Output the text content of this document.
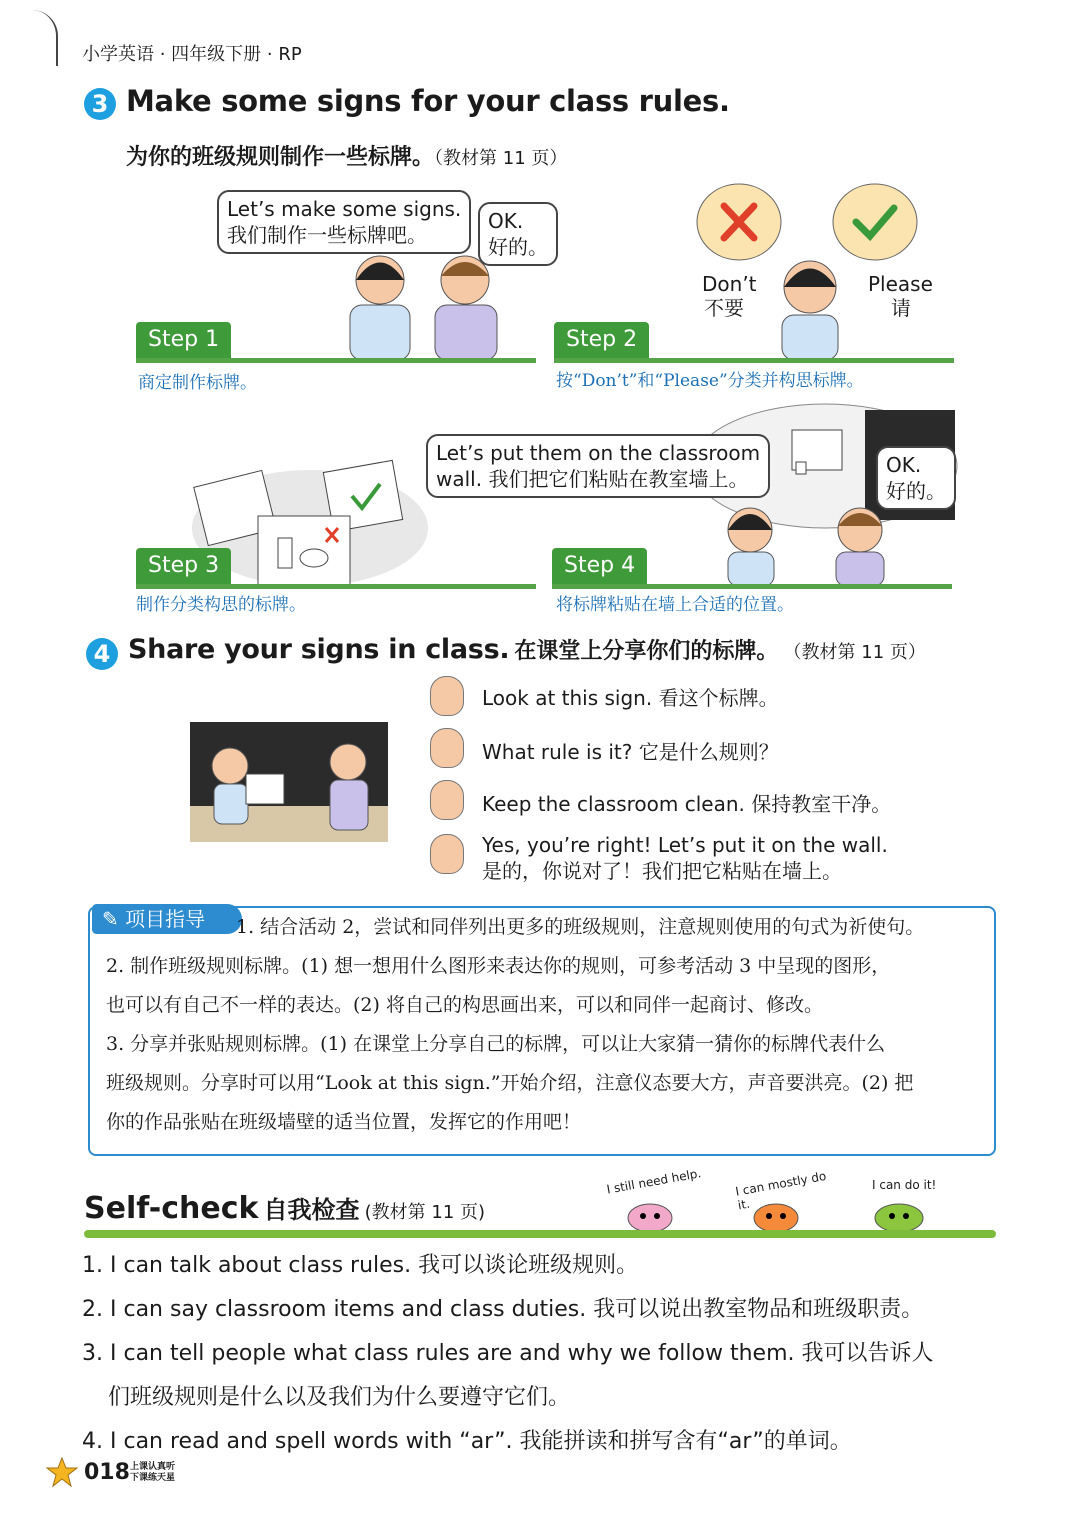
小学英语 · 四年级下册 · RP
3 Make some signs for your class rules.
为你的班级规则制作一些标牌。（教材第 11 页）
Let’s make some signs.
我们制作一些标牌吧。
OK.
好的。
Step 1
商定制作标牌。
Don’t
不要
Please
请
Step 2
按“Don’t”和“Please”分类并构思标牌。
Step 3
制作分类构思的标牌。
Let’s put them on the classroom
wall. 我们把它们粘贴在教室墙上。
OK.
好的。
Step 4
将标牌粘贴在墙上合适的位置。
4 Share your signs in class. 在课堂上分享你们的标牌。 （教材第 11 页）
Look at this sign. 看这个标牌。
What rule is it? 它是什么规则？
Keep the classroom clean. 保持教室干净。
Yes, you’re right! Let’s put it on the wall.
是的，你说对了！我们把它粘贴在墙上。
✎ 项目指导	1. 结合活动 2，尝试和同伴列出更多的班级规则，注意规则使用的句式为祈使句。
2. 制作班级规则标牌。(1) 想一想用什么图形来表达你的规则，可参考活动 3 中呈现的图形，
也可以有自己不一样的表达。(2) 将自己的构思画出来，可以和同伴一起商讨、修改。
3. 分享并张贴规则标牌。(1) 在课堂上分享自己的标牌，可以让大家猜一猜你的标牌代表什么
班级规则。分享时可以用“Look at this sign.”开始介绍，注意仪态要大方，声音要洪亮。(2) 把
你的作品张贴在班级墙壁的适当位置，发挥它的作用吧！
Self-check 自我检查 (教材第 11 页)
I still need help.	I can mostly do it.
I can do it!
1. I can talk about class rules. 我可以谈论班级规则。
2. I can say classroom items and class duties. 我可以说出教室物品和班级职责。
3. I can tell people what class rules are and why we follow them. 我可以告诉人
们班级规则是什么以及我们为什么要遵守它们。
4. I can read and spell words with “ar”. 我能拼读和拼写含有“ar”的单词。
018 上课认真听
下课练天星
